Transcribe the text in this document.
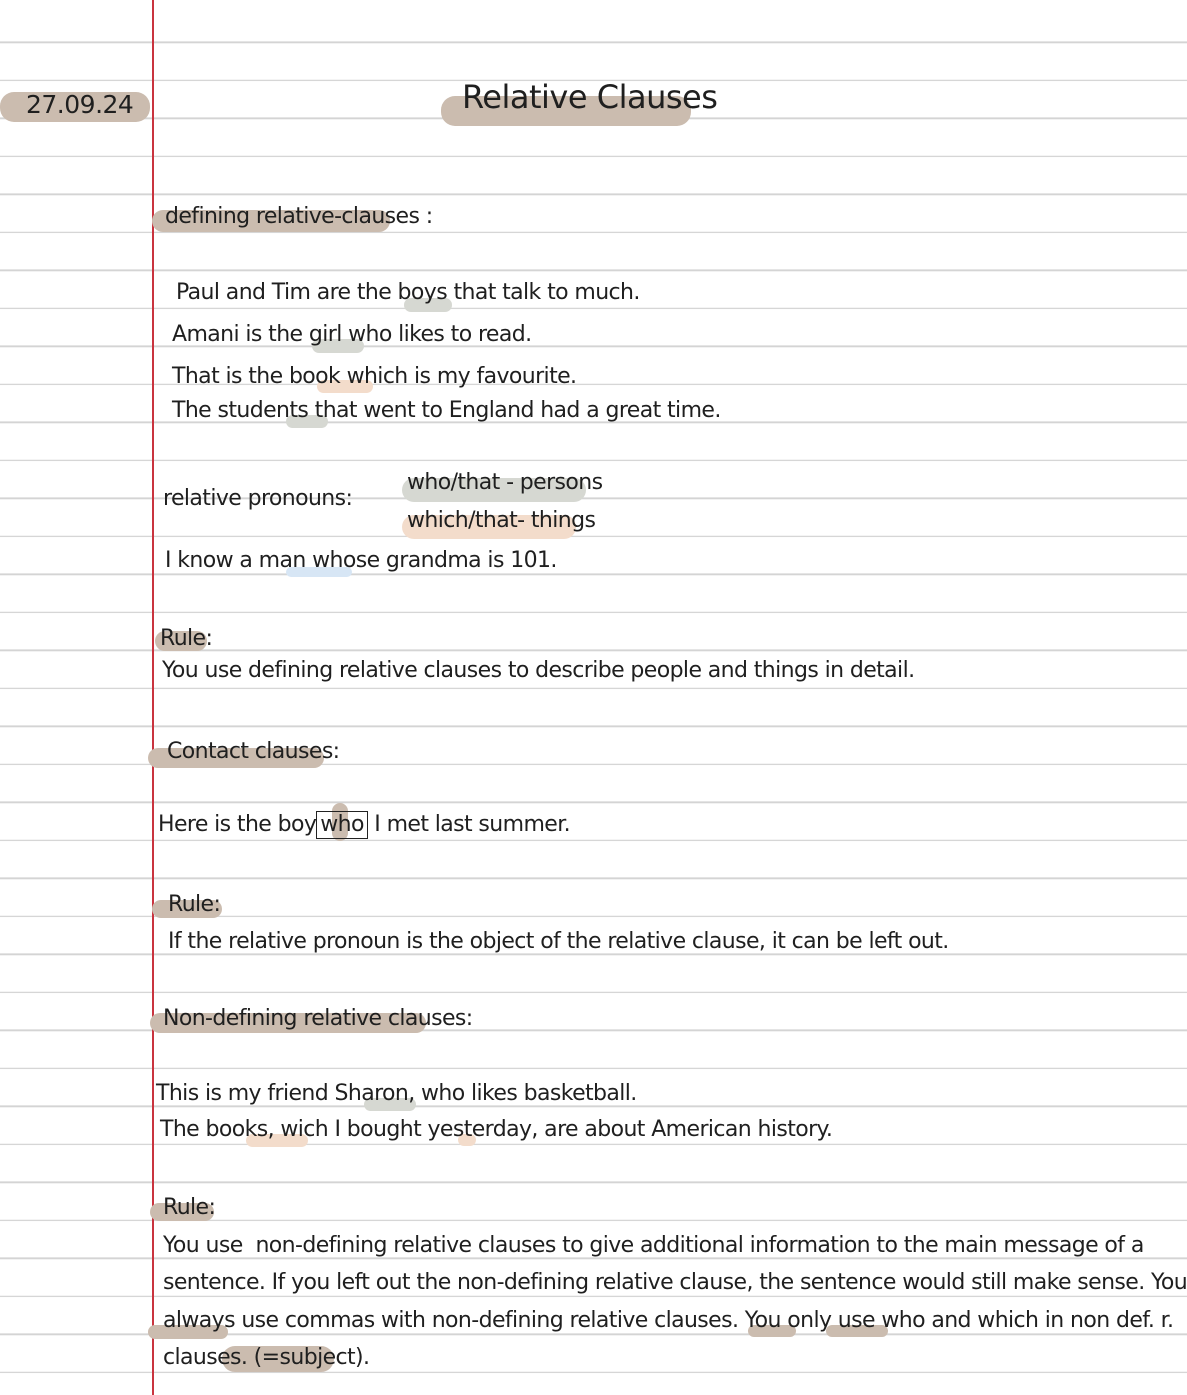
27.09.24	Relative Clauses
defining relative-clauses :
Paul and Tim are the boys that talk to much.
Amani is the girl who likes to read.
That is the book which is my favourite.
The students that went to England had a great time.
relative pronouns:
who/that - persons
which/that- things
I know a man whose grandma is 101.
Rule:
You use defining relative clauses to describe people and things in detail.
Contact clauses:
Here is the boy who I met last summer.
Rule:
If the relative pronoun is the object of the relative clause, it can be left out.
Non-defining relative clauses:
This is my friend Sharon, who likes basketball.
The books, wich I bought yesterday, are about American history.
Rule:
You use  non-defining relative clauses to give additional information to the main message of a
sentence. If you left out the non-defining relative clause, the sentence would still make sense. You
always use commas with non-defining relative clauses. You only use who and which in non def. r.
clauses. (=subject).
